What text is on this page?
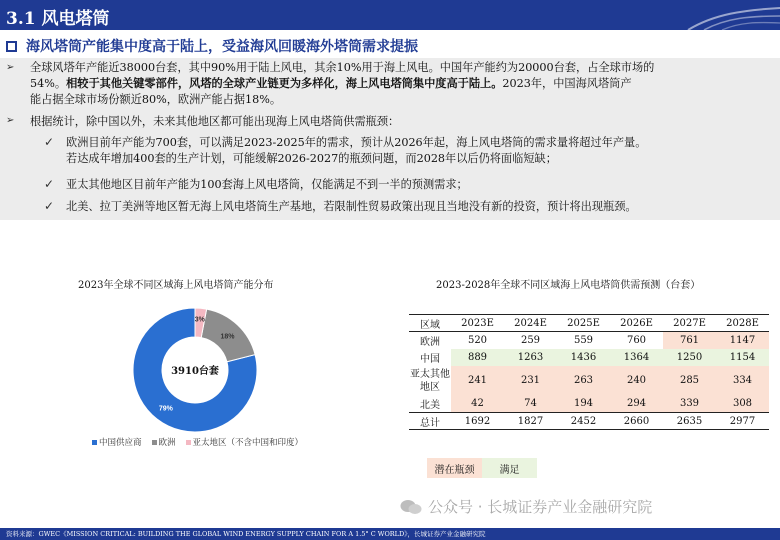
3.1 风电塔筒
海风塔筒产能集中度高于陆上，受益海风回暖海外塔筒需求提振
➢ 全球风塔年产能近38000台套，其中90%用于陆上风电，其余10%用于海上风电。中国年产能约为20000台套，占全球市场的
54%。相较于其他关键零部件，风塔的全球产业链更为多样化，海上风电塔筒集中度高于陆上。2023年，中国海风塔筒产
能占据全球市场份额近80%，欧洲产能占据18%。
➢ 根据统计，除中国以外，未来其他地区都可能出现海上风电塔筒供需瓶颈：
✓ 欧洲目前年产能为700套，可以满足2023-2025年的需求，预计从2026年起，海上风电塔筒的需求量将超过年产量。
若达成年增加400套的生产计划，可能缓解2026-2027的瓶颈问题，而2028年以后仍将面临短缺；
✓ 亚太其他地区目前年产能为100套海上风电塔筒，仅能满足不到一半的预测需求；
✓ 北美、拉丁美洲等地区暂无海上风电塔筒生产基地，若限制性贸易政策出现且当地没有新的投资，预计将出现瓶颈。
2023年全球不同区域海上风电塔筒产能分布
79%
18%
3%
3910台套
中国供应商 欧洲 亚太地区（不含中国和印度）
2023-2028年全球不同区域海上风电塔筒供需预测（台套）
区域	2023E	2024E	2025E	2026E	2027E	2028E
欧洲	520	259	559	760	761	1147
中国	889	1263	1436	1364	1250	1154
亚太其他地区	241	231	263	240	285	334
北美	42	74	194	294	339	308
总计	1692	1827	2452	2660	2635	2977
潜在瓶颈	满足
公众号 · 长城证券产业金融研究院
资料来源：GWEC《MISSION CRITICAL: BUILDING THE GLOBAL WIND ENERGY SUPPLY CHAIN FOR A 1.5° C WORLD》，长城证券产业金融研究院
